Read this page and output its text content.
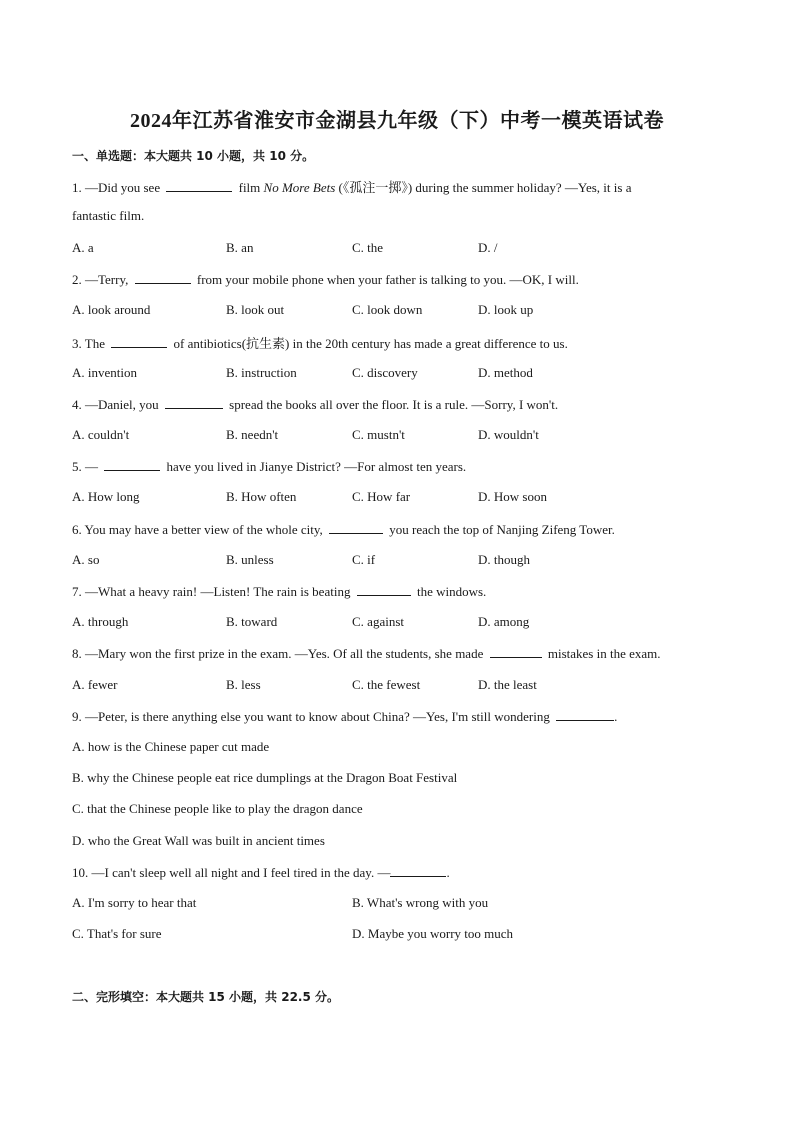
2024年江苏省淮安市金湖县九年级（下）中考一模英语试卷
一、单选题：本大题共 10 小题，共 10 分。
1. —Did you see	film No More Bets (《孤注一掷》) during the summer holiday? —Yes, it is a
fantastic film.
A. a	B. an	C. the	D. /
2. —Terry,	from your mobile phone when your father is talking to you. —OK, I will.
A. look around	B. look out	C. look down	D. look up
3. The	of antibiotics(抗生素) in the 20th century has made a great difference to us.
A. invention	B. instruction	C. discovery	D. method
4. —Daniel, you	spread the books all over the floor. It is a rule. —Sorry, I won't.
A. couldn't	B. needn't	C. mustn't	D. wouldn't
5. —	have you lived in Jianye District? —For almost ten years.
A. How long	B. How often	C. How far	D. How soon
6. You may have a better view of the whole city,	you reach the top of Nanjing Zifeng Tower.
A. so	B. unless	C. if	D. though
7. —What a heavy rain! —Listen! The rain is beating	the windows.
A. through	B. toward	C. against	D. among
8. —Mary won the first prize in the exam. —Yes. Of all the students, she made	mistakes in the exam.
A. fewer	B. less	C. the fewest	D. the least
9. —Peter, is there anything else you want to know about China? —Yes, I'm still wondering	.
A. how is the Chinese paper cut made
B. why the Chinese people eat rice dumplings at the Dragon Boat Festival
C. that the Chinese people like to play the dragon dance
D. who the Great Wall was built in ancient times
10. —I can't sleep well all night and I feel tired in the day. —	.
A. I'm sorry to hear that	B. What's wrong with you
C. That's for sure	D. Maybe you worry too much
二、完形填空：本大题共 15 小题，共 22.5 分。
